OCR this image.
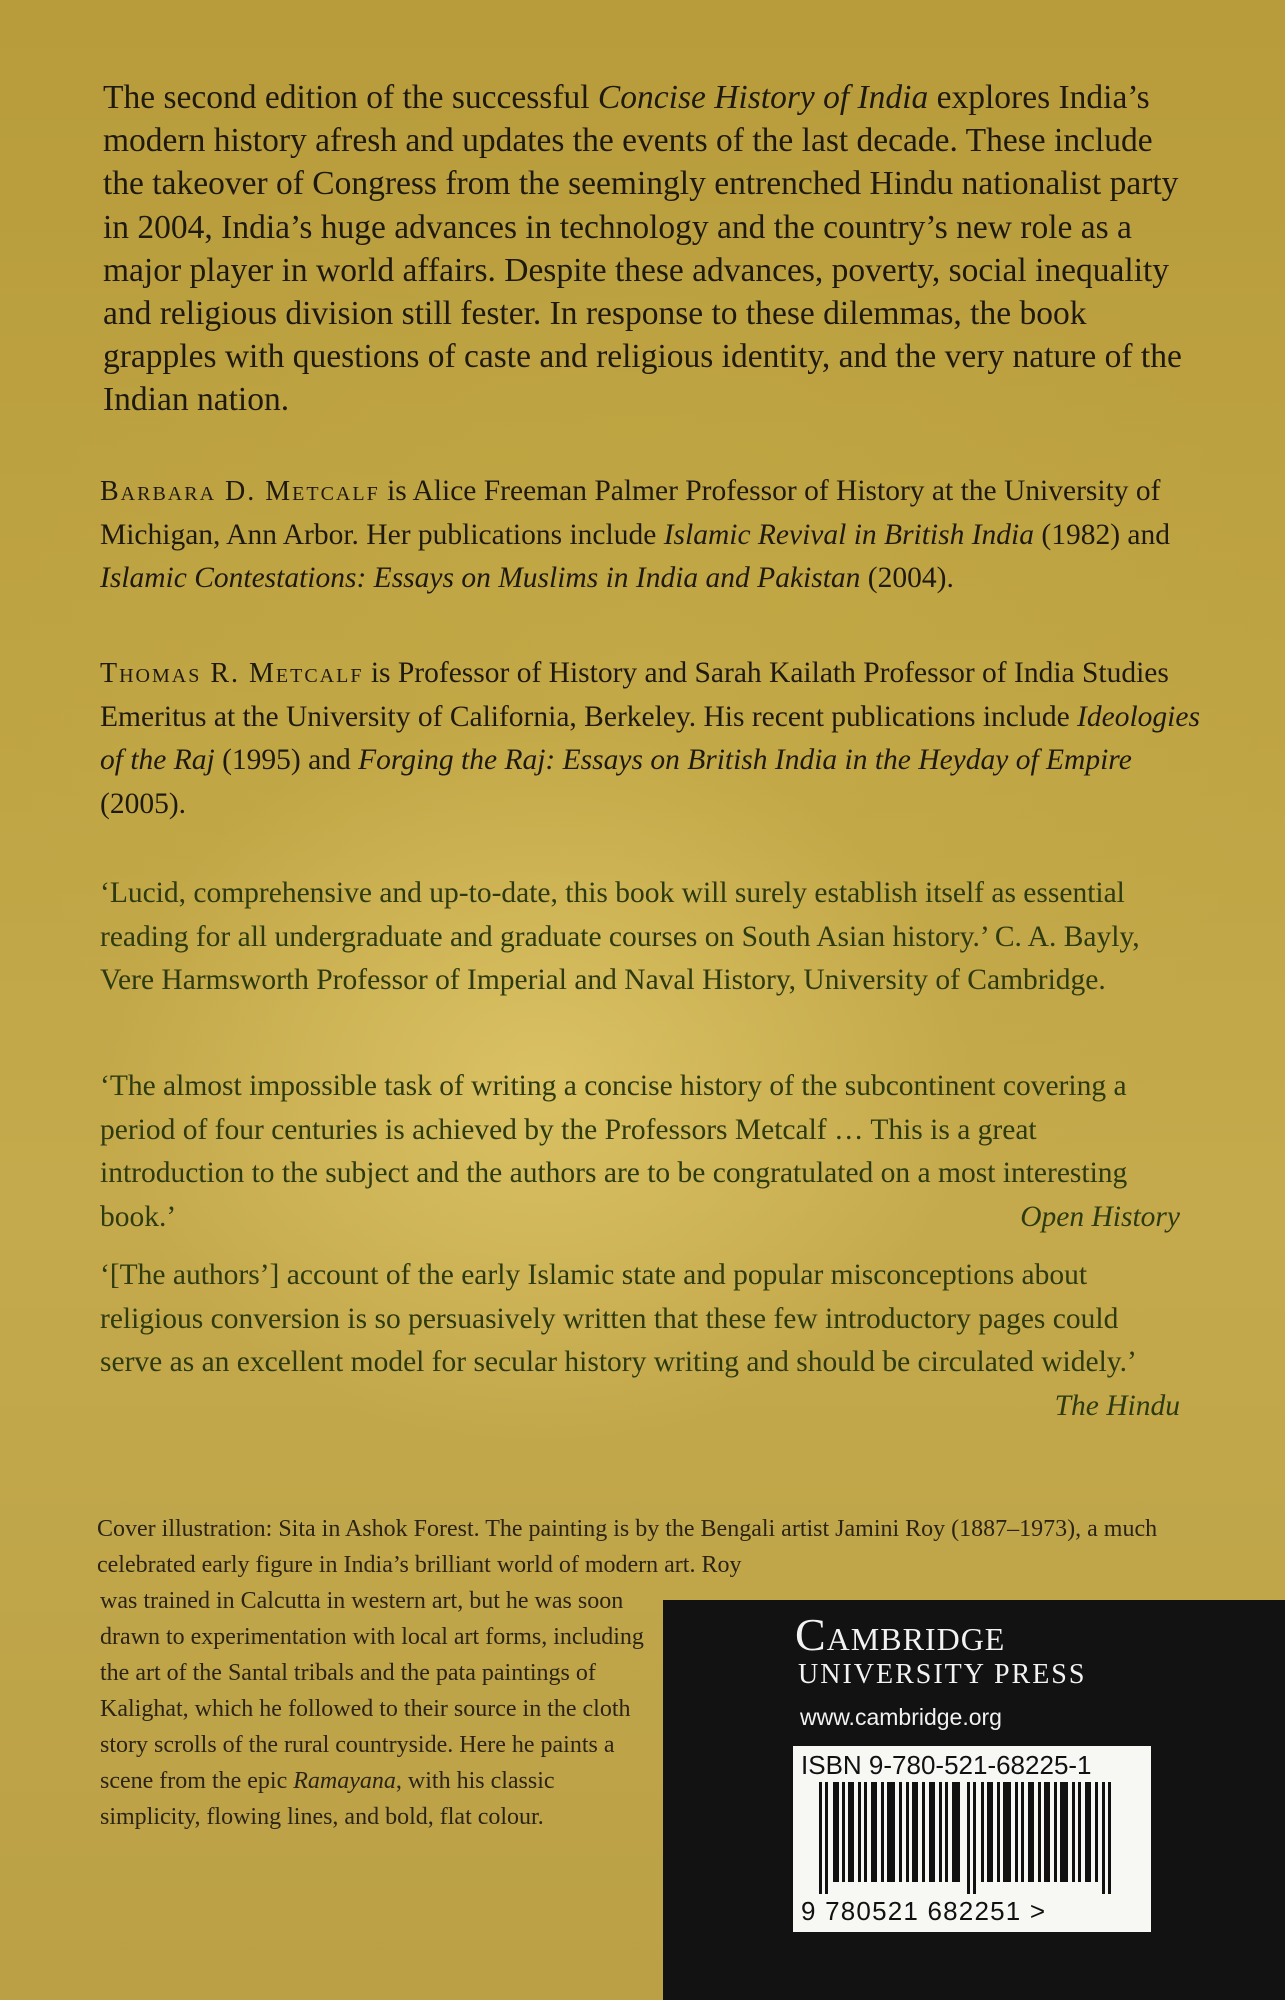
The second edition of the successful Concise History of India explores India’s modern history afresh and updates the events of the last decade. These include the takeover of Congress from the seemingly entrenched Hindu nationalist party in 2004, India’s huge advances in technology and the country’s new role as a major player in world affairs. Despite these advances, poverty, social inequality and religious division still fester. In response to these dilemmas, the book grapples with questions of caste and religious identity, and the very nature of the Indian nation.
Barbara D. Metcalf is Alice Freeman Palmer Professor of History at the University of Michigan, Ann Arbor. Her publications include Islamic Revival in British India (1982) and Islamic Contestations: Essays on Muslims in India and Pakistan (2004).
Thomas R. Metcalf is Professor of History and Sarah Kailath Professor of India Studies Emeritus at the University of California, Berkeley. His recent publications include Ideologies of the Raj (1995) and Forging the Raj: Essays on British India in the Heyday of Empire (2005).
‘Lucid, comprehensive and up-to-date, this book will surely establish itself as essential reading for all undergraduate and graduate courses on South Asian history.’ C. A. Bayly, Vere Harmsworth Professor of Imperial and Naval History, University of Cambridge.
‘The almost impossible task of writing a concise history of the subcontinent covering a period of four centuries is achieved by the Professors Metcalf … This is a great introduction to the subject and the authors are to be congratulated on a most interesting book.’	Open History
‘[The authors’] account of the early Islamic state and popular misconceptions about religious conversion is so persuasively written that these few introductory pages could serve as an excellent model for secular history writing and should be circulated widely.’
The Hindu
Cover illustration: Sita in Ashok Forest. The painting is by the Bengali artist Jamini Roy (1887–1973), a much celebrated early figure in India’s brilliant world of modern art. Roy
was trained in Calcutta in western art, but he was soon drawn to experimentation with local art forms, including the art of the Santal tribals and the pata paintings of Kalighat, which he followed to their source in the cloth story scrolls of the rural countryside. Here he paints a scene from the epic Ramayana, with his classic simplicity, flowing lines, and bold, flat colour.
Cambridge
UNIVERSITY PRESS
www.cambridge.org
ISBN 9-780-521-68225-1
9 780521 682251 >
